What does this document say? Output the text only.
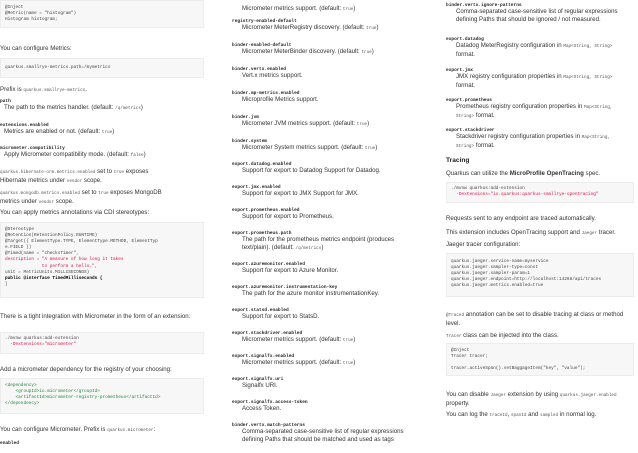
@Inject
@Metric(name = "histogram")
Histogram histogram;

You can configure Metrics:

quarkus.smallrye-metrics.path=/mymetrics

Prefix is quarkus.smallrye-metrics.

path
The path to the metrics handler. (default: /q/metrics)
extensions.enabled
Metrics are enabled or not. (default: true)
micrometer.compatibility
Apply Micrometer compatibility mode. (default: false)

quarkus.hibernate-orm.metrics.enabled set to true exposes
Hibernate metrics under vendor scope.

quarkus.mongodb.metrics.enabled set to true exposes MongoDB
metrics under vendor scope.

You can apply metrics annotations via CDI stereotypes:

@Stereotype
@Retention(RetentionPolicy.RUNTIME)
@Target({ ElementType.TYPE, ElementType.METHOD, ElementTyp
e.FIELD })
@Timed(name = "checksTimer",
description = "A measure of how long it takes
to perform a hello.",
unit = MetricUnits.MILLISECONDS)
public @interface TimedMilliseconds {
}

There is a tight integration with Micrometer in the form of an extension:

./mvnw quarkus:add-extension
-Dextensions="micrometer"

Add a micrometer dependency for the registry of your choosing:

<dependency>
<groupId>io.micrometer</groupId>
<artifactId>micrometer-registry-prometheus</artifactId>
</dependency>

You can configure Micrometer. Prefix is quarkus.micrometer:

enabled
Micrometer metrics support. (default: true)
registry-enabled-default
Micrometer MeterRegistry discovery. (default: true)
binder-enabled-default
Micrometer MeterBinder discovery. (default: true)
binder.vertx.enabled
Vert.x metrics support.
binder.mp-metrics.enabled
Microprofile Metrics support.
binder.jvm
Micrometer JVM metrics support. (default: true)
binder.system
Micrometer System metrics support. (default: true)
export.datadog.enabled
Support for export to Datadog Support for Datadog.
export.jmx.enabled
Support for export to JMX Support for JMX.
export.prometheus.enabled
Support for export to Prometheus.
export.prometheus.path
The path for the prometheus metrics endpoint (produces
text/plain). (default: /q/metrics)
export.azuremonitor.enabled
Support for export to Azure Monitor.
export.azuremonitor.instrumentation-key
The path for the azure monitor instrumentationKey.
export.statsd.enabled
Support for export to StatsD.
export.stackdriver.enabled
Micrometer metrics support. (default: true)
export.signalfx.enabled
Micrometer metrics support. (default: true)
export.signalfx.uri
Signalfx URI.
export.signalfx.access-token
Access Token.
binder.vertx.match-patterns
Comma-separated case-sensitive list of regular expressions
defining Paths that should be matched and used as tags
binder.vertx.ignore-patterns
Comma-separated case-sensitive list of regular expressions
defining Paths that should be ignored / not measured.
export.datadog
Datadog MeterRegistry configuration in Map<String, String>
format.
export.jmx
JMX registry configuration properties in Map<String, String>
format.
export.prometheus
Prometheus registry configuration properties in Map<String,
String> format.
export.stackdriver
Stackdriver registry configuration properties in Map<String,
String> format.
Tracing

Quarkus can utilize the MicroProfile OpenTracing spec.

./mvnw quarkus:add-extension
-Dextensions="io.quarkus:quarkus-smallrye-opentracing"

Requests sent to any endpoint are traced automatically.

This extension includes OpenTracing support and Jaeger tracer.

Jaeger tracer configuration:

quarkus.jaeger.service-name=myservice
quarkus.jaeger.sampler-type=const
quarkus.jaeger.sampler-param=1
quarkus.jaeger.endpoint=http://localhost:14268/api/traces
quarkus.jaeger.metrics.enabled=true

@Traced annotation can be set to disable tracing at class or method
level.

Tracer class can be injected into the class.

@Inject
Tracer tracer;

tracer.activeSpan().setBaggageItem("key", "value");

You can disable Jaeger extension by using quarkus.jaeger.enabled
property.

You can log the traceId, spanId and sampled in normal log.
